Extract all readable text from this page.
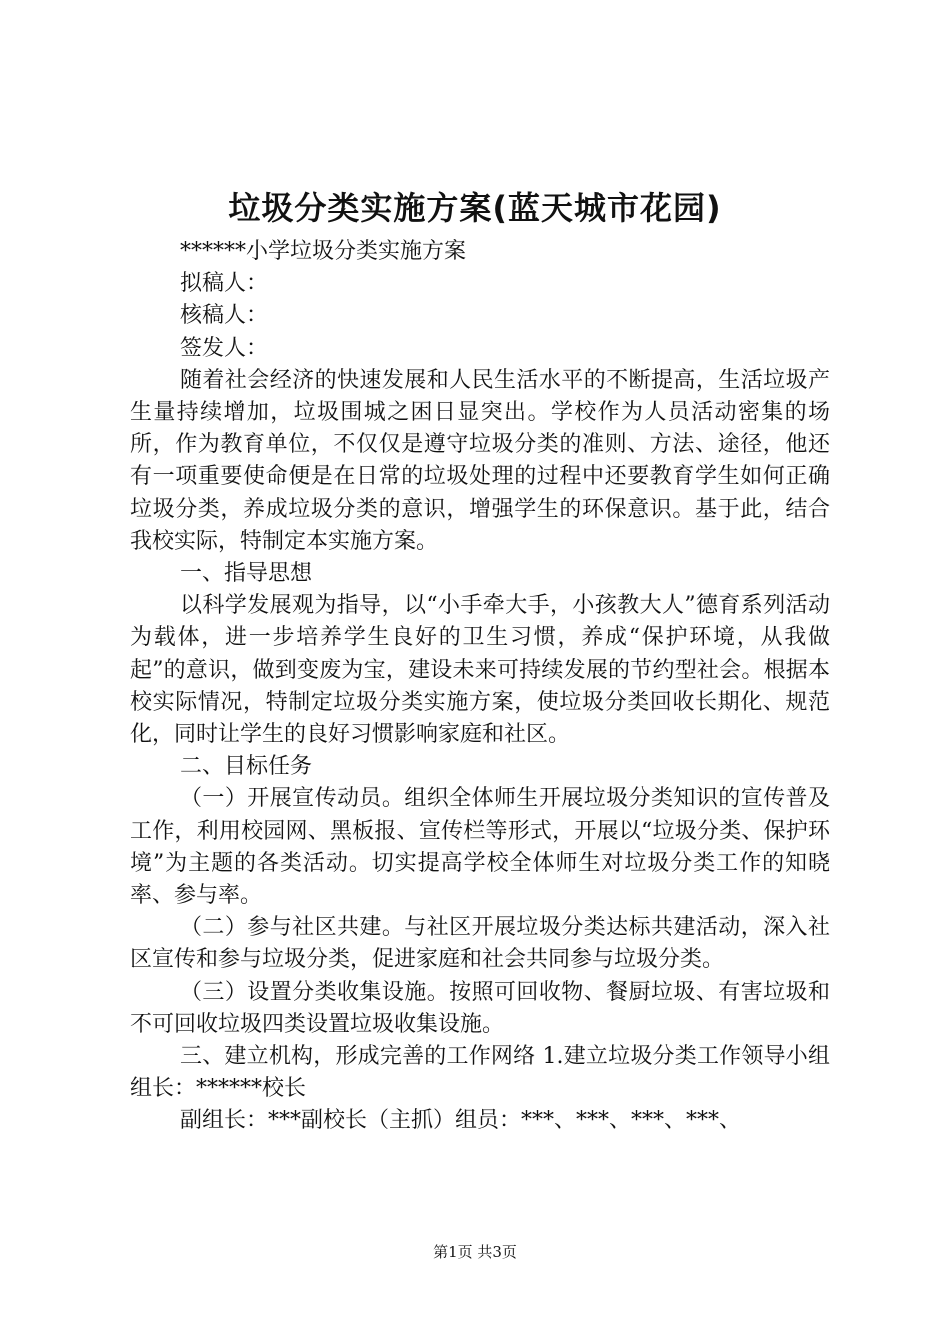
垃圾分类实施方案(蓝天城市花园)

******小学垃圾分类实施方案

拟稿人：

核稿人：

签发人：

随着社会经济的快速发展和人民生活水平的不断提高，生活垃圾产生量持续增加，垃圾围城之困日显突出。学校作为人员活动密集的场所，作为教育单位，不仅仅是遵守垃圾分类的准则、方法、途径，他还有一项重要使命便是在日常的垃圾处理的过程中还要教育学生如何正确垃圾分类，养成垃圾分类的意识，增强学生的环保意识。基于此，结合我校实际，特制定本实施方案。

一、指导思想

以科学发展观为指导，以“小手牵大手，小孩教大人”德育系列活动为载体，进一步培养学生良好的卫生习惯，养成“保护环境，从我做起”的意识，做到变废为宝，建设未来可持续发展的节约型社会。根据本校实际情况，特制定垃圾分类实施方案，使垃圾分类回收长期化、规范化，同时让学生的良好习惯影响家庭和社区。

二、目标任务

（一）开展宣传动员。组织全体师生开展垃圾分类知识的宣传普及工作，利用校园网、黑板报、宣传栏等形式，开展以“垃圾分类、保护环境”为主题的各类活动。切实提高学校全体师生对垃圾分类工作的知晓率、参与率。

（二）参与社区共建。与社区开展垃圾分类达标共建活动，深入社区宣传和参与垃圾分类，促进家庭和社会共同参与垃圾分类。

（三）设置分类收集设施。按照可回收物、餐厨垃圾、有害垃圾和不可回收垃圾四类设置垃圾收集设施。

三、建立机构，形成完善的工作网络 1.建立垃圾分类工作领导小组组长：******校长

副组长：***副校长（主抓）组员：***、***、***、***、

第1页 共3页
